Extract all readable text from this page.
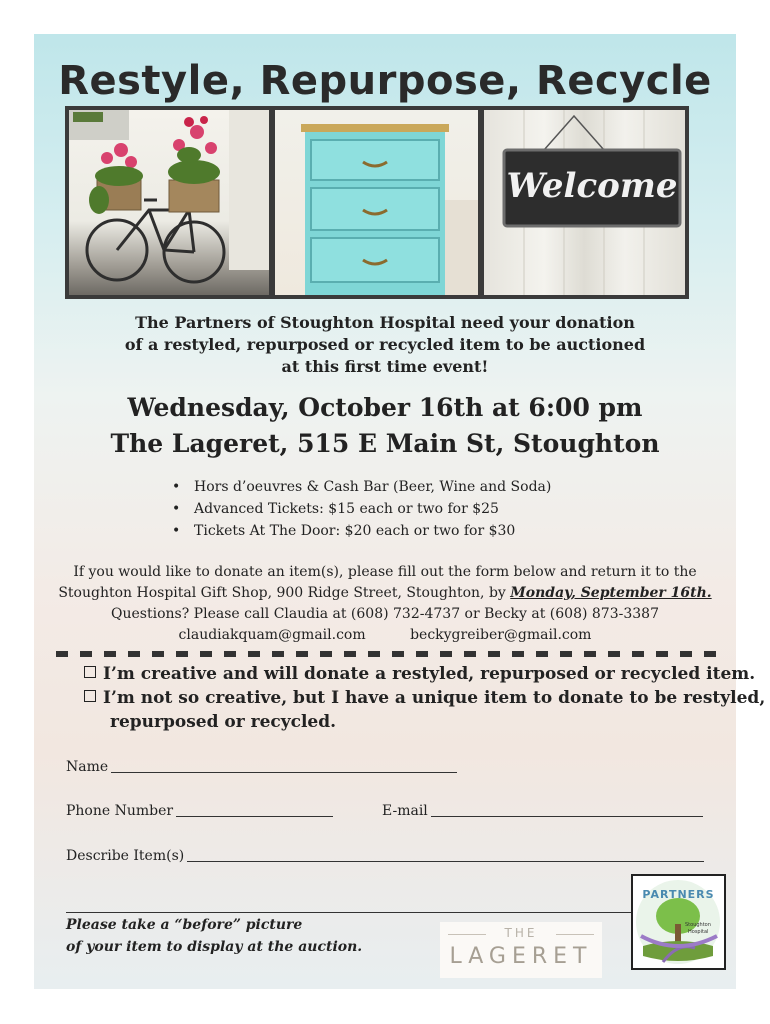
Restyle, Repurpose, Recycle
Welcome
The Partners of Stoughton Hospital need your donation
of a restyled, repurposed or recycled item to be auctioned
at this first time event!
Wednesday, October 16th at 6:00 pm
The Lageret, 515 E Main St, Stoughton
• Hors d’oeuvres & Cash Bar (Beer, Wine and Soda)
• Advanced Tickets: $15 each or two for $25
• Tickets At The Door: $20 each or two for $30
If you would like to donate an item(s), please fill out the form below and return it to the
Stoughton Hospital Gift Shop, 900 Ridge Street, Stoughton, by Monday, September 16th.
Questions? Please call Claudia at (608) 732-4737 or Becky at (608) 873-3387
claudiakquam@gmail.com	beckygreiber@gmail.com
I’m creative and will donate a restyled, repurposed or recycled item.
I’m not so creative, but I have a unique item to donate to be restyled,
repurposed or recycled.
Name
Phone Number	E-mail
Describe Item(s)
Please take a “before” picture
of your item to display at the auction.
THE
LAGERET
PARTNERS
Stoughton
Hospital
